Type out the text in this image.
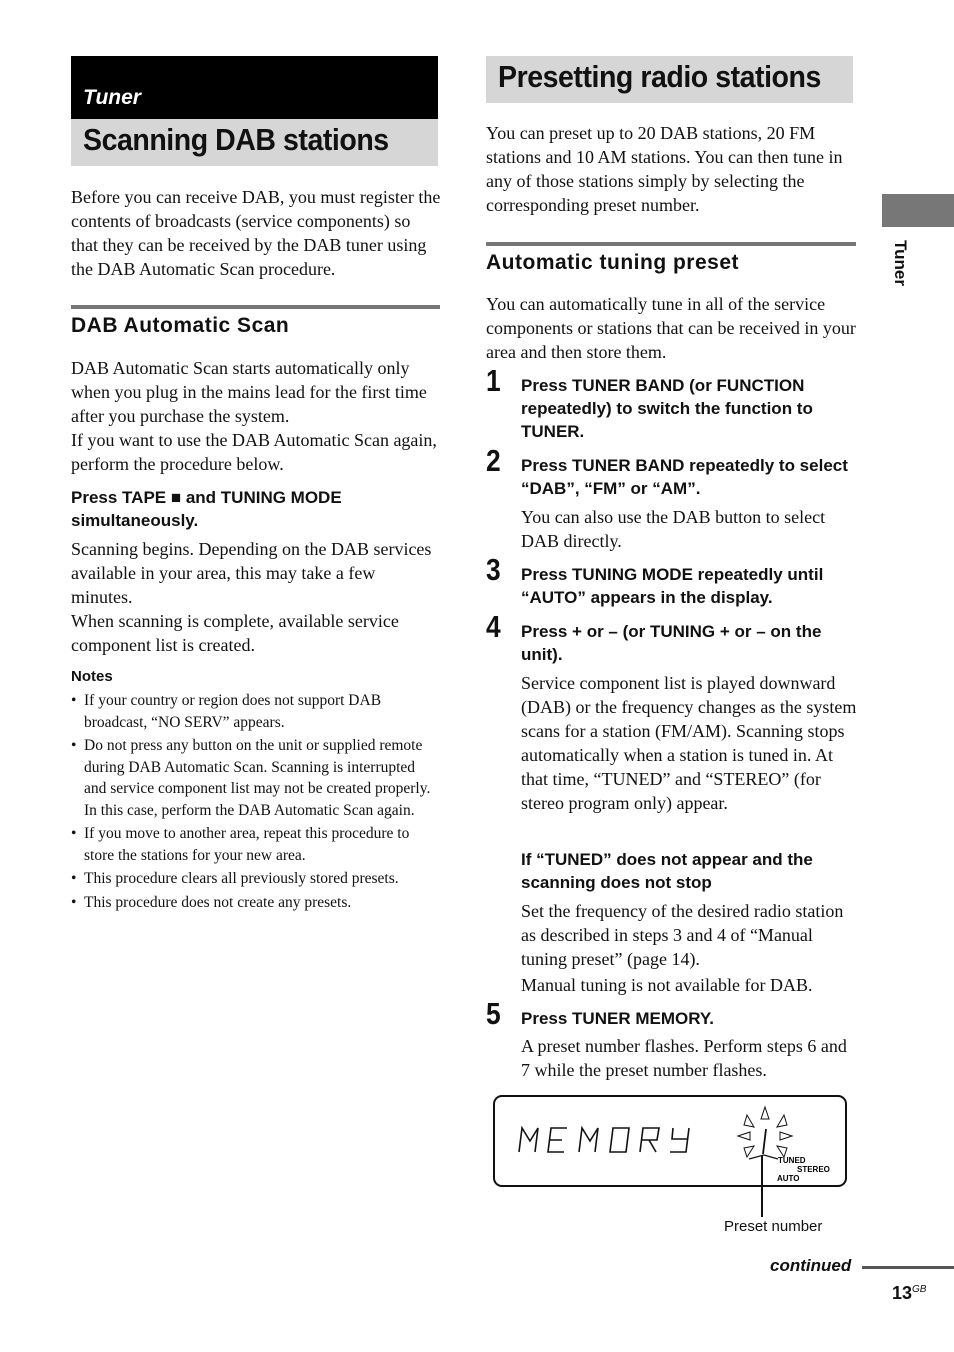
Tuner
Scanning DAB stations
Before you can receive DAB, you must register the contents of broadcasts (service components) so that they can be received by the DAB tuner using the DAB Automatic Scan procedure.
DAB Automatic Scan
DAB Automatic Scan starts automatically only when you plug in the mains lead for the first time after you purchase the system.
If you want to use the DAB Automatic Scan again, perform the procedure below.
Press TAPE ■ and TUNING MODE
simultaneously.
Scanning begins. Depending on the DAB services available in your area, this may take a few minutes.
When scanning is complete, available service component list is created.
Notes
• If your country or region does not support DAB broadcast, “NO SERV” appears.
• Do not press any button on the unit or supplied remote during DAB Automatic Scan. Scanning is interrupted and service component list may not be created properly. In this case, perform the DAB Automatic Scan again.
• If you move to another area, repeat this procedure to store the stations for your new area.
• This procedure clears all previously stored presets.
• This procedure does not create any presets.
Presetting radio stations
You can preset up to 20 DAB stations, 20 FM stations and 10 AM stations. You can then tune in any of those stations simply by selecting the corresponding preset number.
Automatic tuning preset
You can automatically tune in all of the service components or stations that can be received in your area and then store them.
1 Press TUNER BAND (or FUNCTION repeatedly) to switch the function to TUNER.
2 Press TUNER BAND repeatedly to select “DAB”, “FM” or “AM”.
You can also use the DAB button to select DAB directly.
3 Press TUNING MODE repeatedly until “AUTO” appears in the display.
4 Press + or – (or TUNING + or – on the unit).
Service component list is played downward (DAB) or the frequency changes as the system scans for a station (FM/AM). Scanning stops automatically when a station is tuned in. At that time, “TUNED” and “STEREO” (for stereo program only) appear.
If “TUNED” does not appear and the scanning does not stop
Set the frequency of the desired radio station as described in steps 3 and 4 of “Manual tuning preset” (page 14).
Manual tuning is not available for DAB.
5 Press TUNER MEMORY.
A preset number flashes. Perform steps 6 and 7 while the preset number flashes.
TUNED
STEREO
AUTO
Preset number
Tuner
continued
$13^{GB}$
